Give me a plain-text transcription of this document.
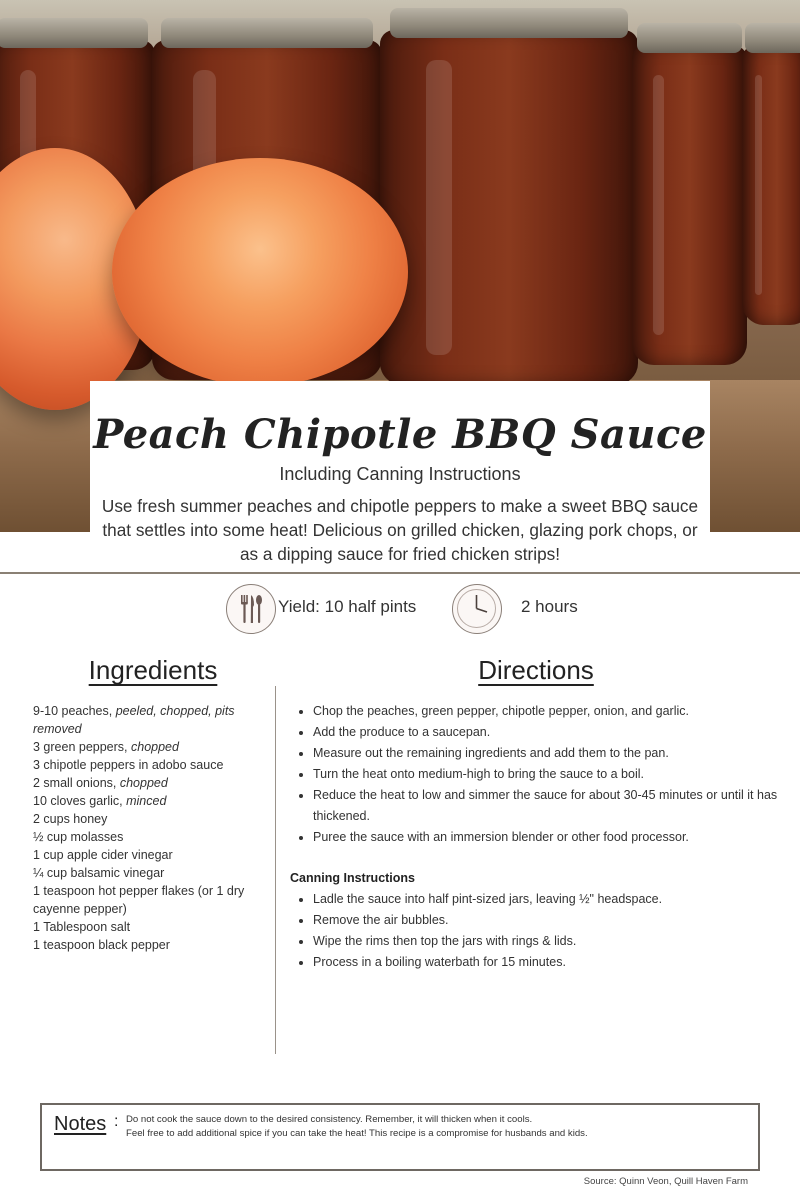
Peach Chipotle BBQ Sauce
Including Canning Instructions

Use fresh summer peaches and chipotle peppers to make a sweet BBQ sauce that settles into some heat! Delicious on grilled chicken, glazing pork chops, or as a dipping sauce for fried chicken strips!

Yield: 10 half pints	2 hours
Ingredients
9-10 peaches, peeled, chopped, pits removed
3 green peppers, chopped
3 chipotle peppers in adobo sauce
2 small onions, chopped
10 cloves garlic, minced
2 cups honey
½ cup molasses
1 cup apple cider vinegar
¼ cup balsamic vinegar
1 teaspoon hot pepper flakes (or 1 dry cayenne pepper)
1 Tablespoon salt
1 teaspoon black pepper
Directions
• Chop the peaches, green pepper, chipotle pepper, onion, and garlic.
• Add the produce to a saucepan.
• Measure out the remaining ingredients and add them to the pan.
• Turn the heat onto medium-high to bring the sauce to a boil.
• Reduce the heat to low and simmer the sauce for about 30-45 minutes or until it has thickened.
• Puree the sauce with an immersion blender or other food processor.
Canning Instructions
• Ladle the sauce into half pint-sized jars, leaving ½" headspace.
• Remove the air bubbles.
• Wipe the rims then top the jars with rings & lids.
• Process in a boiling waterbath for 15 minutes.
Notes : Do not cook the sauce down to the desired consistency. Remember, it will thicken when it cools.
Feel free to add additional spice if you can take the heat! This recipe is a compromise for husbands and kids.
Source: Quinn Veon, Quill Haven Farm
